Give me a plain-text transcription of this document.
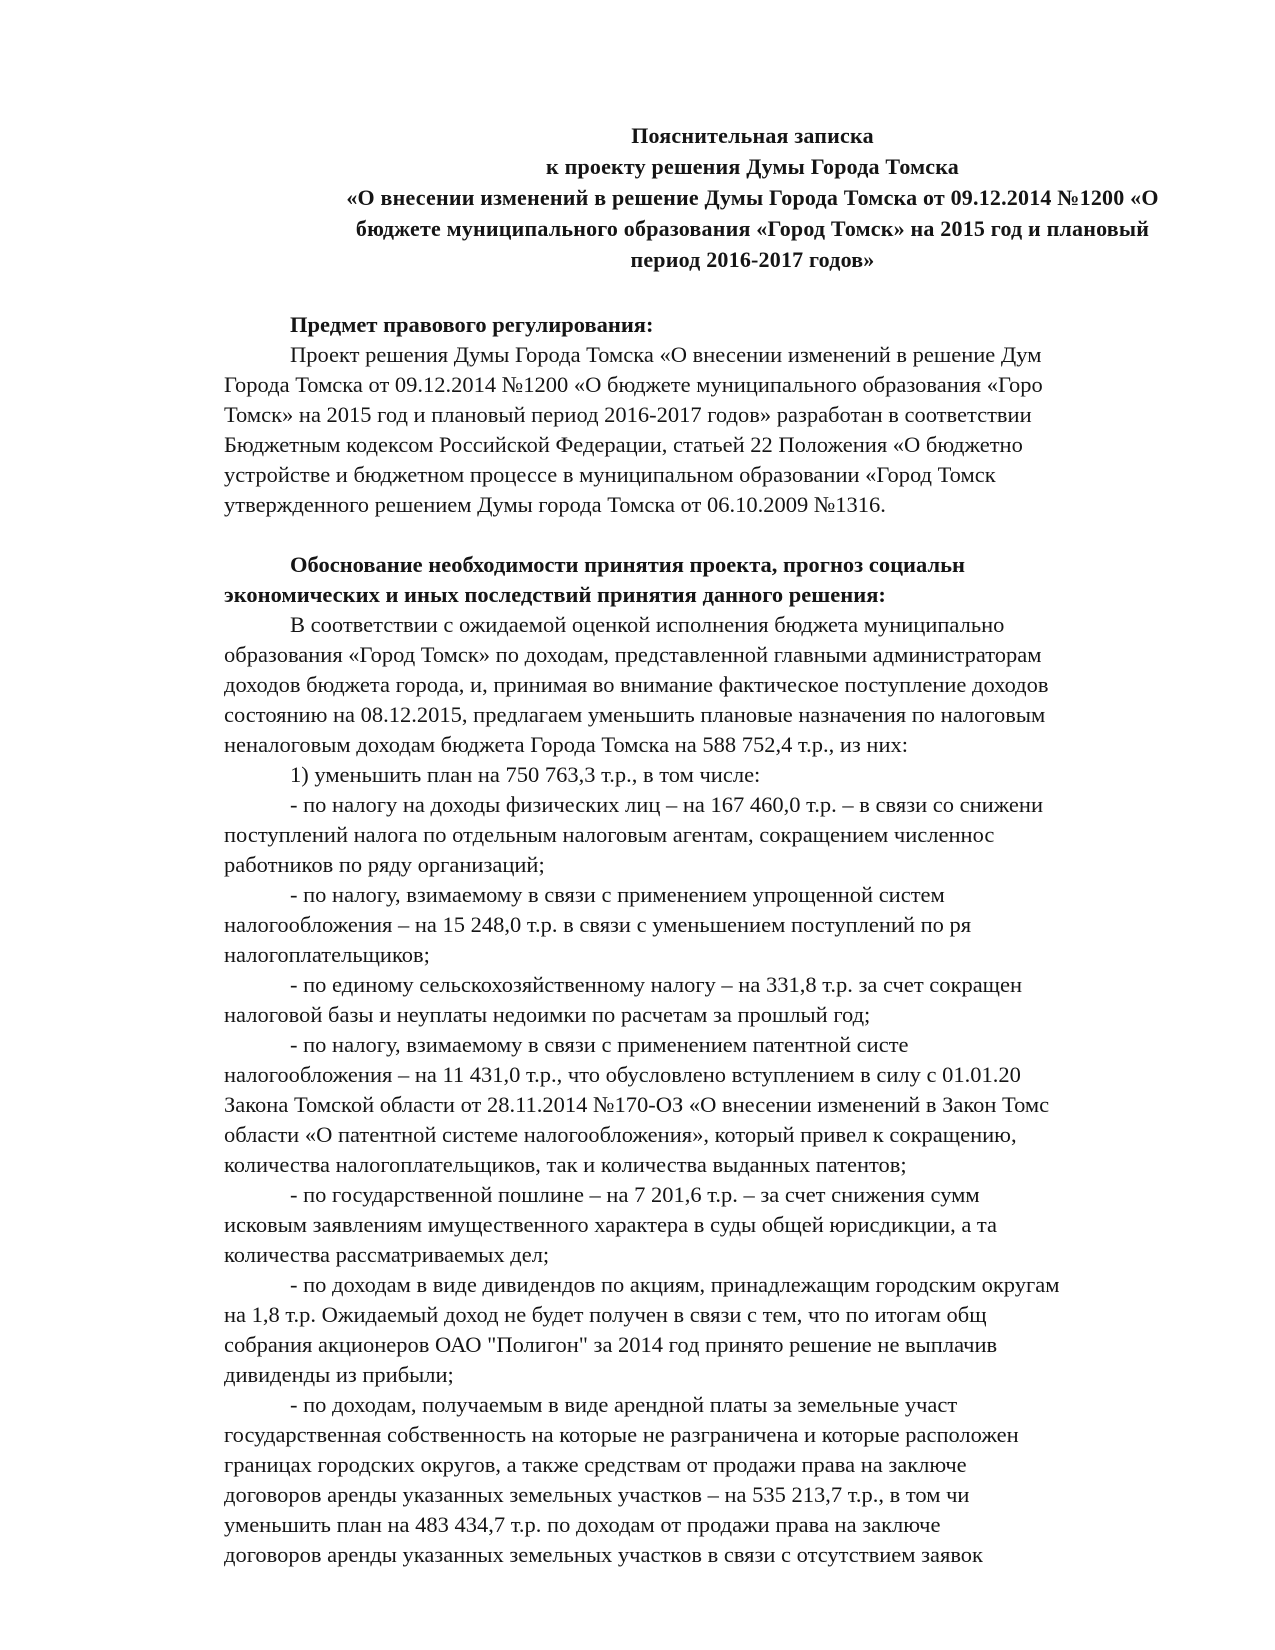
Пояснительная записка
к проекту решения Думы Города Томска
«О внесении изменений в решение Думы Города Томска от 09.12.2014 №1200 «О
бюджете муниципального образования «Город Томск» на 2015 год и плановый
период 2016-2017 годов»
Предмет правового регулирования:
Проект решения Думы Города Томска «О внесении изменений в решение Дум
Города Томска от 09.12.2014 №1200 «О бюджете муниципального образования «Горо
Томск» на 2015 год и плановый период 2016-2017 годов» разработан в соответствии
Бюджетным кодексом Российской Федерации, статьей 22 Положения «О бюджетно
устройстве и бюджетном процессе в муниципальном образовании «Город Томск
утвержденного решением Думы города Томска от 06.10.2009 №1316.
Обоснование необходимости принятия проекта, прогноз социальн
экономических и иных последствий принятия данного решения:
В соответствии с ожидаемой оценкой исполнения бюджета муниципально
образования «Город Томск» по доходам, представленной главными администраторам
доходов бюджета города, и, принимая во внимание фактическое поступление доходов
состоянию на 08.12.2015, предлагаем уменьшить плановые назначения по налоговым
неналоговым доходам бюджета Города Томска на 588 752,4 т.р., из них:
1) уменьшить план на 750 763,3 т.р., в том числе:
- по налогу на доходы физических лиц – на 167 460,0 т.р. – в связи со снижени
поступлений налога по отдельным налоговым агентам, сокращением численнос
работников по ряду организаций;
- по налогу, взимаемому в связи с применением упрощенной систем
налогообложения – на 15 248,0 т.р. в связи с уменьшением поступлений по ря
налогоплательщиков;
- по единому сельскохозяйственному налогу – на 331,8 т.р. за счет сокращен
налоговой базы и неуплаты недоимки по расчетам за прошлый год;
- по налогу, взимаемому в связи с применением патентной систе
налогообложения – на 11 431,0 т.р., что обусловлено вступлением в силу с 01.01.20
Закона Томской области от 28.11.2014 №170-ОЗ «О внесении изменений в Закон Томс
области «О патентной системе налогообложения», который привел к сокращению,
количества налогоплательщиков, так и количества выданных патентов;
- по государственной пошлине – на 7 201,6 т.р. – за счет снижения сумм
исковым заявлениям имущественного характера в суды общей юрисдикции, а та
количества рассматриваемых дел;
- по доходам в виде дивидендов по акциям, принадлежащим городским округам
на 1,8 т.р. Ожидаемый доход не будет получен в связи с тем, что по итогам общ
собрания акционеров ОАО "Полигон" за 2014 год принято решение не выплачив
дивиденды из прибыли;
- по доходам, получаемым в виде арендной платы за земельные участ
государственная собственность на которые не разграничена и которые расположен
границах городских округов, а также средствам от продажи права на заключе
договоров аренды указанных земельных участков – на 535 213,7 т.р., в том чи
уменьшить план на 483 434,7 т.р. по доходам от продажи права на заключе
договоров аренды указанных земельных участков в связи с отсутствием заявок
